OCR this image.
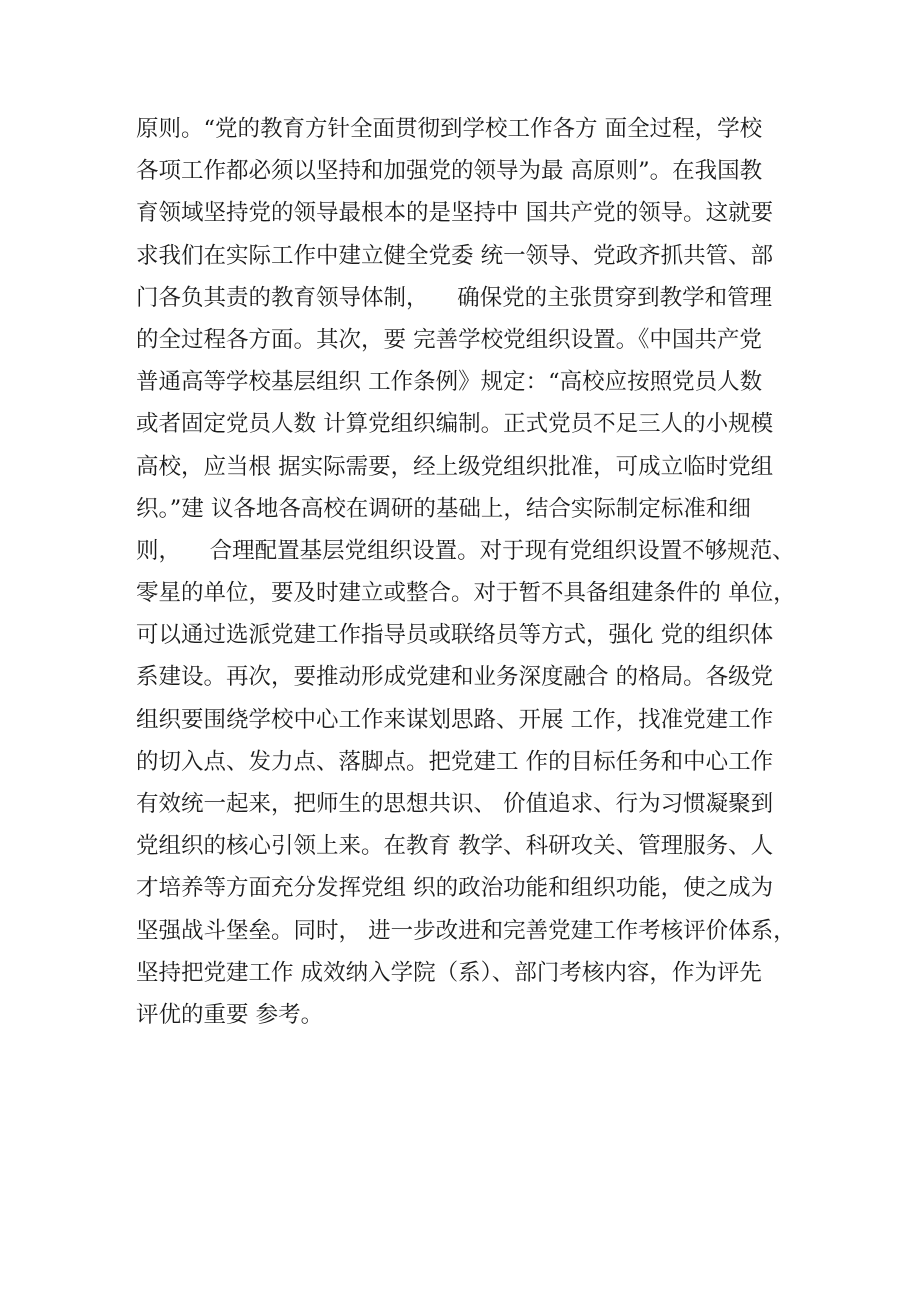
原则。“党的教育方针全面贯彻到学校工作各方 面全过程，学校
各项工作都必须以坚持和加强党的领导为最 高原则”。在我国教
育领域坚持党的领导最根本的是坚持中 国共产党的领导。这就要
求我们在实际工作中建立健全党委 统一领导、党政齐抓共管、部
门各负其责的教育领导体制，    确保党的主张贯穿到教学和管理
的全过程各方面。其次，要 完善学校党组织设置。《中国共产党
普通高等学校基层组织 工作条例》规定：“高校应按照党员人数
或者固定党员人数 计算党组织编制。正式党员不足三人的小规模
高校，应当根 据实际需要，经上级党组织批准，可成立临时党组
织。”建 议各地各高校在调研的基础上，结合实际制定标准和细
则，    合理配置基层党组织设置。对于现有党组织设置不够规范、
零星的单位，要及时建立或整合。对于暂不具备组建条件的 单位，
可以通过选派党建工作指导员或联络员等方式，强化 党的组织体
系建设。再次，要推动形成党建和业务深度融合 的格局。各级党
组织要围绕学校中心工作来谋划思路、开展 工作，找准党建工作
的切入点、发力点、落脚点。把党建工 作的目标任务和中心工作
有效统一起来，把师生的思想共识、 价值追求、行为习惯凝聚到
党组织的核心引领上来。在教育 教学、科研攻关、管理服务、人
才培养等方面充分发挥党组 织的政治功能和组织功能，使之成为
坚强战斗堡垒。同时， 进一步改进和完善党建工作考核评价体系，
坚持把党建工作 成效纳入学院（系）、部门考核内容，作为评先
评优的重要 参考。
